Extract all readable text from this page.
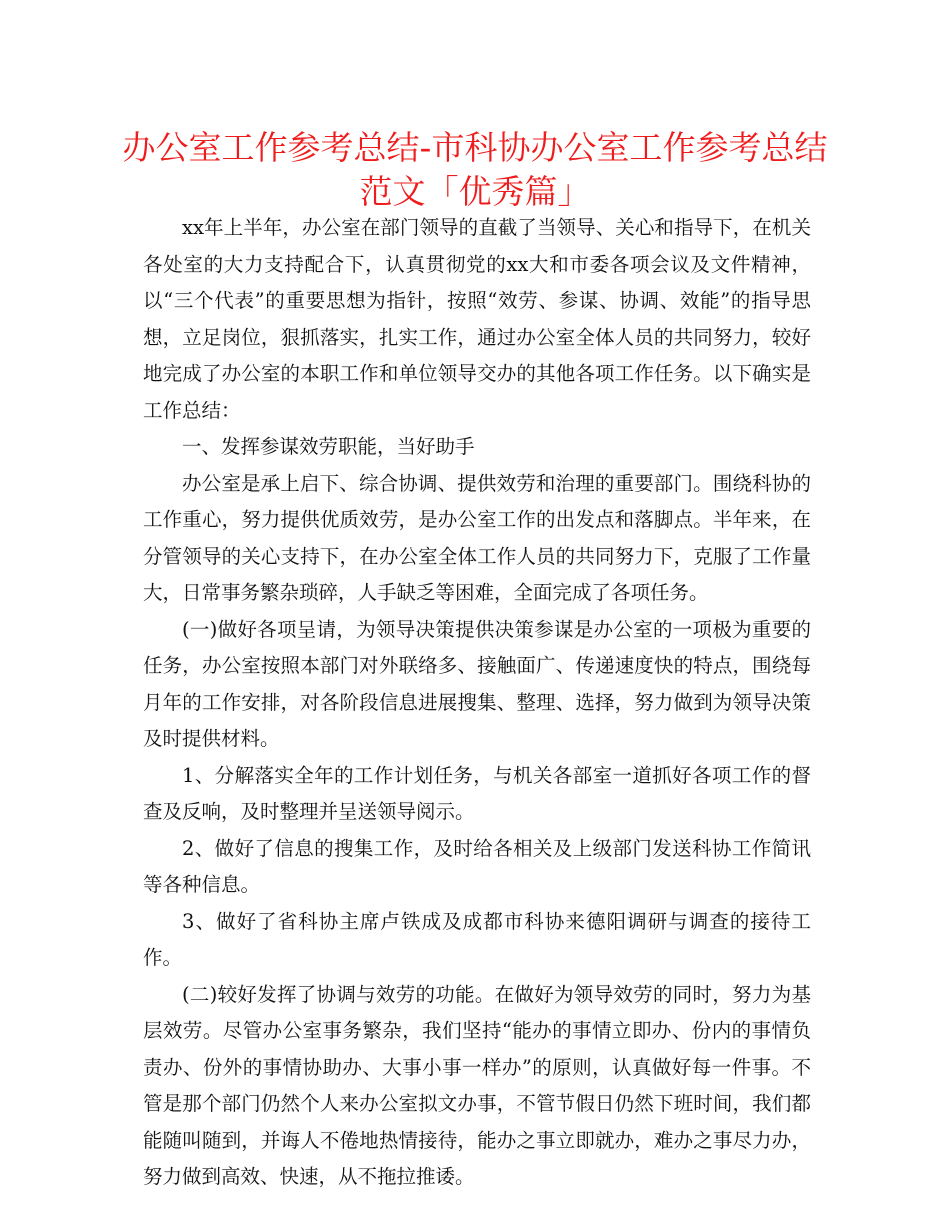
办公室工作参考总结-市科协办公室工作参考总结
范文「优秀篇」

xx年上半年，办公室在部门领导的直截了当领导、关心和指导下，在机关各处室的大力支持配合下，认真贯彻党的xx大和市委各项会议及文件精神，以“三个代表”的重要思想为指针，按照“效劳、参谋、协调、效能”的指导思想，立足岗位，狠抓落实，扎实工作，通过办公室全体人员的共同努力，较好地完成了办公室的本职工作和单位领导交办的其他各项工作任务。以下确实是工作总结：

一、发挥参谋效劳职能，当好助手

办公室是承上启下、综合协调、提供效劳和治理的重要部门。围绕科协的工作重心，努力提供优质效劳，是办公室工作的出发点和落脚点。半年来，在分管领导的关心支持下，在办公室全体工作人员的共同努力下，克服了工作量大，日常事务繁杂琐碎，人手缺乏等困难，全面完成了各项任务。

(一)做好各项呈请，为领导决策提供决策参谋是办公室的一项极为重要的任务，办公室按照本部门对外联络多、接触面广、传递速度快的特点，围绕每月年的工作安排，对各阶段信息进展搜集、整理、选择，努力做到为领导决策及时提供材料。

1、分解落实全年的工作计划任务，与机关各部室一道抓好各项工作的督查及反响，及时整理并呈送领导阅示。

2、做好了信息的搜集工作，及时给各相关及上级部门发送科协工作简讯等各种信息。

3、做好了省科协主席卢铁成及成都市科协来德阳调研与调查的接待工作。

(二)较好发挥了协调与效劳的功能。在做好为领导效劳的同时，努力为基层效劳。尽管办公室事务繁杂，我们坚持“能办的事情立即办、份内的事情负责办、份外的事情协助办、大事小事一样办”的原则，认真做好每一件事。不管是那个部门仍然个人来办公室拟文办事，不管节假日仍然下班时间，我们都能随叫随到，并诲人不倦地热情接待，能办之事立即就办，难办之事尽力办，努力做到高效、快速，从不拖拉推诿。
